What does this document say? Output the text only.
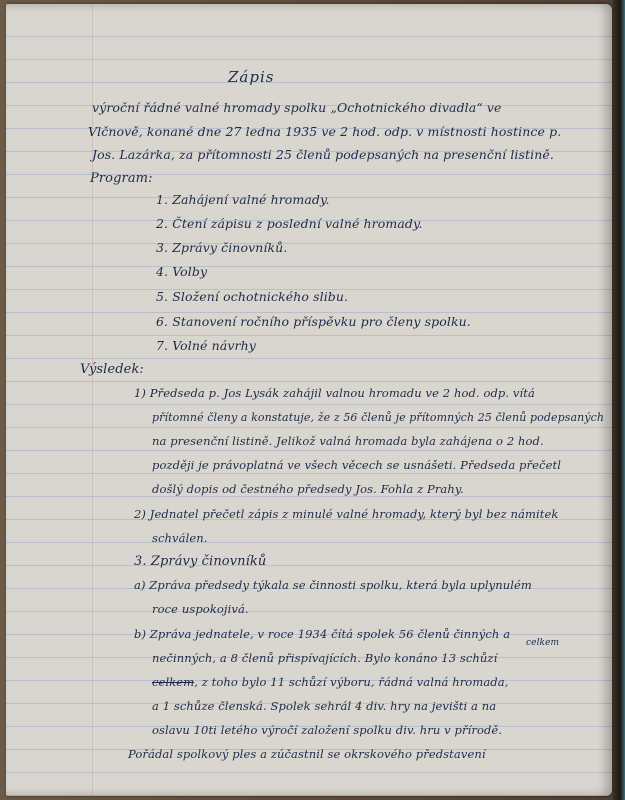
Zápis
výroční řádné valné hromady spolku „Ochotnického divadla“ ve
Vlčnově, konané dne 27 ledna 1935 ve 2 hod. odp. v místnosti hostince p.
Jos. Lazárka, za přítomnosti 25 členů podepsaných na presenční listině.
Program:
1. Zahájení valné hromady.
2. Čtení zápisu z poslední valné hromady.
3. Zprávy činovníků.
4. Volby
5. Složení ochotnického slibu.
6. Stanovení ročního příspěvku pro členy spolku.
7. Volné návrhy
Výsledek:
1) Předseda p. Jos Lysák zahájil valnou hromadu ve 2 hod. odp. vítá
přítomné členy a konstatuje, že z 56 členů je přítomných 25 členů podepsaných
na presenční listině. Jelikož valná hromada byla zahájena o 2 hod.
později je právoplatná ve všech věcech se usnášeti. Předseda přečetl
došlý dopis od čestného předsedy Jos. Fohla z Prahy.
2) Jednatel přečetl zápis z minulé valné hromady, který byl bez námitek
schválen.
3. Zprávy činovníků
a) Zpráva předsedy týkala se činnosti spolku, která byla uplynulém
roce uspokojivá.
celkem
b) Zpráva jednatele, v roce 1934 čítá spolek 56 členů činných a
nečinných, a 8 členů přispívajících. Bylo konáno 13 schůzí
celkem, z toho bylo 11 schůzí výboru, řádná valná hromada,
a 1 schůze členská. Spolek sehrál 4 div. hry na jevišti a na
oslavu 10ti letého výročí založení spolku div. hru v přírodě.
Pořádal spolkový ples a zúčastnil se okrskového představení
